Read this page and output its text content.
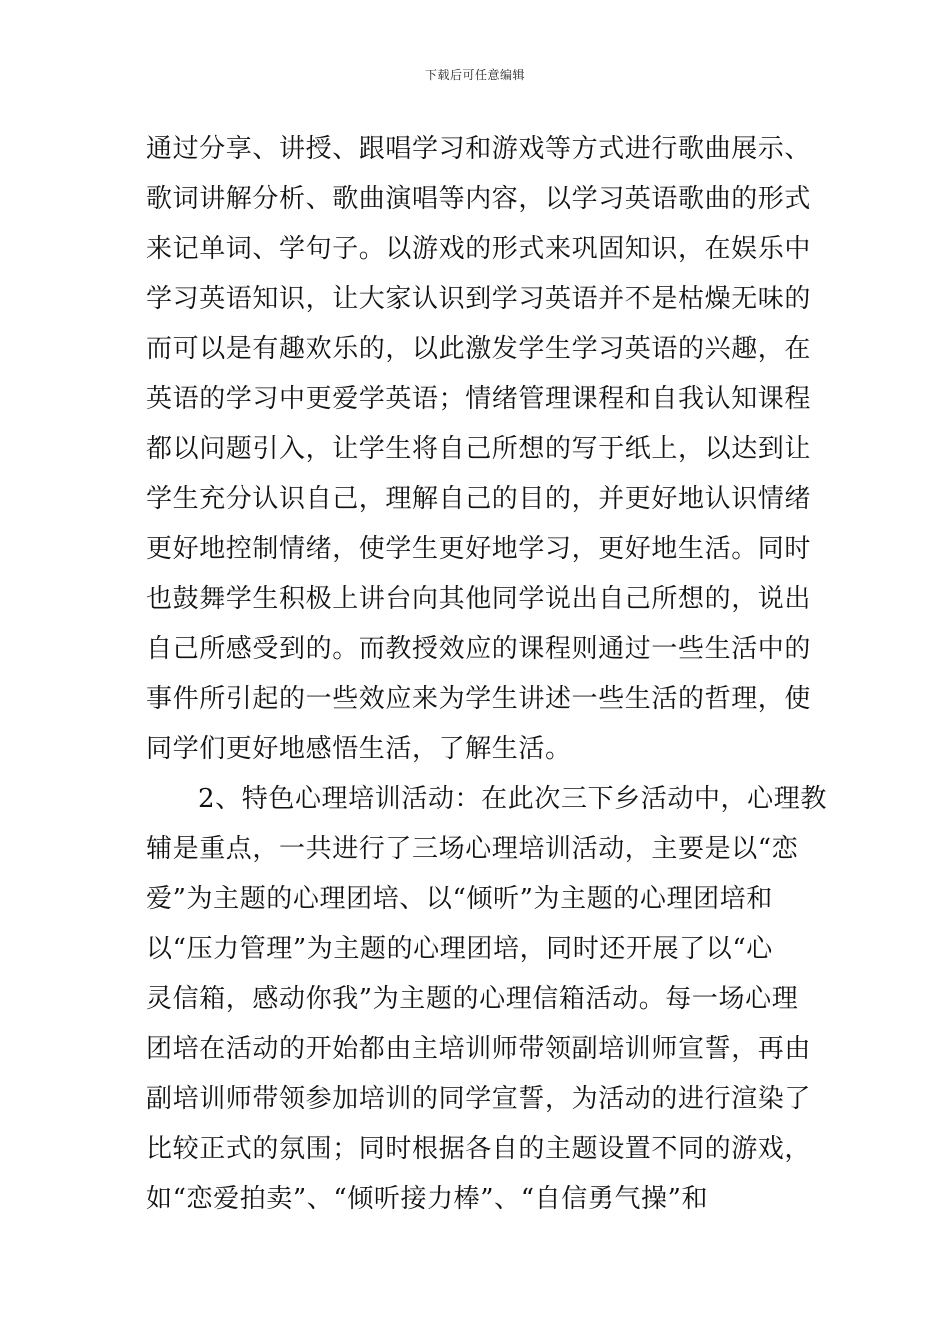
下载后可任意编辑
通过分享、讲授、跟唱学习和游戏等方式进行歌曲展示、
歌词讲解分析、歌曲演唱等内容，以学习英语歌曲的形式
来记单词、学句子。以游戏的形式来巩固知识，在娱乐中
学习英语知识，让大家认识到学习英语并不是枯燥无味的
而可以是有趣欢乐的，以此激发学生学习英语的兴趣，在
英语的学习中更爱学英语；情绪管理课程和自我认知课程
都以问题引入，让学生将自己所想的写于纸上，以达到让
学生充分认识自己，理解自己的目的，并更好地认识情绪
更好地控制情绪，使学生更好地学习，更好地生活。同时
也鼓舞学生积极上讲台向其他同学说出自己所想的，说出
自己所感受到的。而教授效应的课程则通过一些生活中的
事件所引起的一些效应来为学生讲述一些生活的哲理，使
同学们更好地感悟生活，了解生活。
2、特色心理培训活动：在此次三下乡活动中，心理教
辅是重点，一共进行了三场心理培训活动，主要是以“恋
爱”为主题的心理团培、以“倾听”为主题的心理团培和
以“压力管理”为主题的心理团培，同时还开展了以“心
灵信箱，感动你我”为主题的心理信箱活动。每一场心理
团培在活动的开始都由主培训师带领副培训师宣誓，再由
副培训师带领参加培训的同学宣誓，为活动的进行渲染了
比较正式的氛围；同时根据各自的主题设置不同的游戏，
如“恋爱拍卖”、“倾听接力棒”、“自信勇气操”和
